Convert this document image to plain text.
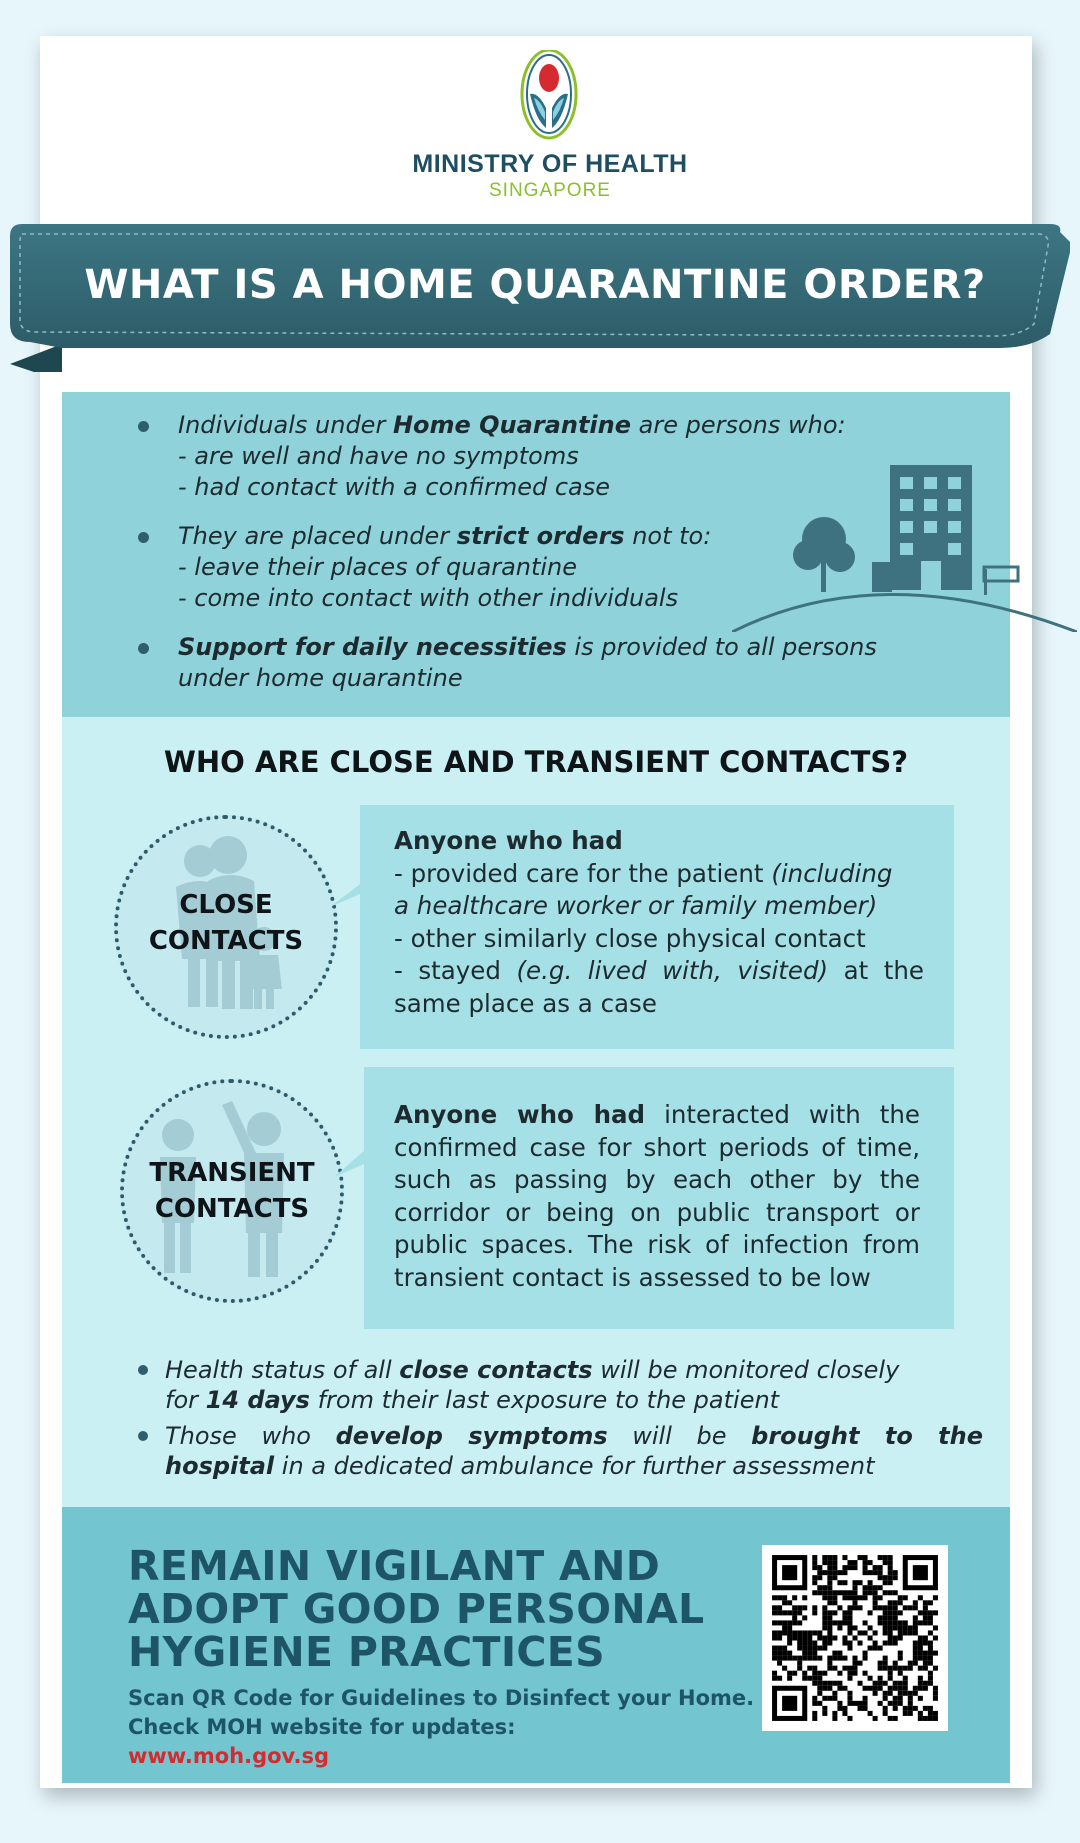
MINISTRY OF HEALTH
SINGAPORE
WHAT IS A HOME QUARANTINE ORDER?
Individuals under Home Quarantine are persons who:
- are well and have no symptoms
- had contact with a confirmed case
They are placed under strict orders not to:
- leave their places of quarantine
- come into contact with other individuals
Support for daily necessities is provided to all persons
under home quarantine
WHO ARE CLOSE AND TRANSIENT CONTACTS?
CLOSE
CONTACTS
Anyone who had
- provided care for the patient (including
a healthcare worker or family member)
- other similarly close physical contact
- stayed (e.g. lived with, visited) at the
same place as a case
TRANSIENT
CONTACTS
Anyone who had interacted with the
confirmed case for short periods of time,
such as passing by each other by the
corridor or being on public transport or
public spaces. The risk of infection from
transient contact is assessed to be low
Health status of all close contacts will be monitored closely
for 14 days from their last exposure to the patient
Those who develop symptoms will be brought to the
hospital in a dedicated ambulance for further assessment
REMAIN VIGILANT AND
ADOPT GOOD PERSONAL
HYGIENE PRACTICES
Scan QR Code for Guidelines to Disinfect your Home.
Check MOH website for updates:
www.moh.gov.sg
